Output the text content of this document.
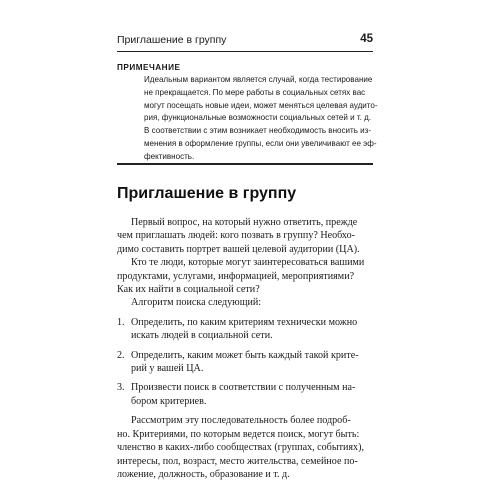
Приглашение в группу	45
ПРИМЕЧАНИЕ
Идеальным вариантом является случай, когда тестирование
не прекращается. По мере работы в социальных сетях вас
могут посещать новые идеи, может меняться целевая аудито-
рия, функциональные возможности социальных сетей и т. д.
В соответствии с этим возникает необходимость вносить из-
менения в оформление группы, если они увеличивают ее эф-
фективность.
Приглашение в группу
Первый вопрос, на который нужно ответить, прежде
чем приглашать людей: кого позвать в группу? Необхо-
димо составить портрет вашей целевой аудитории (ЦА).
Кто те люди, которые могут заинтересоваться вашими
продуктами, услугами, информацией, мероприятиями?
Как их найти в социальной сети?
Алгоритм поиска следующий:
1. Определить, по каким критериям технически можно
искать людей в социальной сети.
2. Определить, каким может быть каждый такой крите-
рий у вашей ЦА.
3. Произвести поиск в соответствии с полученным на-
бором критериев.
Рассмотрим эту последовательность более подроб-
но. Критериями, по которым ведется поиск, могут быть:
членство в каких-либо сообществах (группах, событиях),
интересы, пол, возраст, место жительства, семейное по-
ложение, должность, образование и т. д.
